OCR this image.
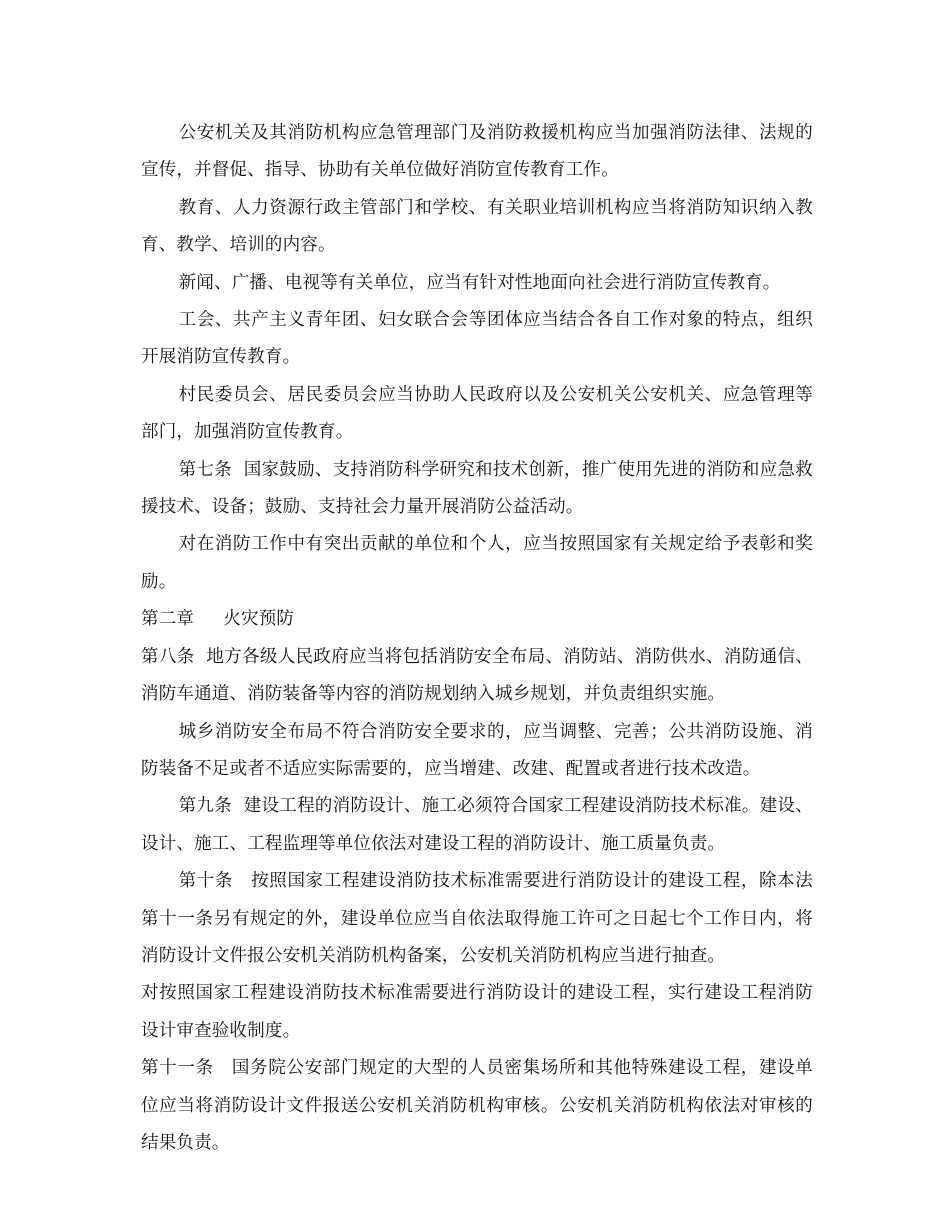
公安机关及其消防机构应急管理部门及消防救援机构应当加强消防法律、法规的宣传，并督促、指导、协助有关单位做好消防宣传教育工作。

教育、人力资源行政主管部门和学校、有关职业培训机构应当将消防知识纳入教育、教学、培训的内容。

新闻、广播、电视等有关单位，应当有针对性地面向社会进行消防宣传教育。

工会、共产主义青年团、妇女联合会等团体应当结合各自工作对象的特点，组织开展消防宣传教育。

村民委员会、居民委员会应当协助人民政府以及公安机关公安机关、应急管理等部门，加强消防宣传教育。

第七条  国家鼓励、支持消防科学研究和技术创新，推广使用先进的消防和应急救援技术、设备；鼓励、支持社会力量开展消防公益活动。

对在消防工作中有突出贡献的单位和个人，应当按照国家有关规定给予表彰和奖励。

第二章　  火灾预防

第八条  地方各级人民政府应当将包括消防安全布局、消防站、消防供水、消防通信、消防车通道、消防装备等内容的消防规划纳入城乡规划，并负责组织实施。

城乡消防安全布局不符合消防安全要求的，应当调整、完善；公共消防设施、消防装备不足或者不适应实际需要的，应当增建、改建、配置或者进行技术改造。

第九条  建设工程的消防设计、施工必须符合国家工程建设消防技术标准。建设、设计、施工、工程监理等单位依法对建设工程的消防设计、施工质量负责。

第十条　按照国家工程建设消防技术标准需要进行消防设计的建设工程，除本法第十一条另有规定的外，建设单位应当自依法取得施工许可之日起七个工作日内，将消防设计文件报公安机关消防机构备案，公安机关消防机构应当进行抽查。

对按照国家工程建设消防技术标准需要进行消防设计的建设工程，实行建设工程消防设计审查验收制度。

第十一条　国务院公安部门规定的大型的人员密集场所和其他特殊建设工程，建设单位应当将消防设计文件报送公安机关消防机构审核。公安机关消防机构依法对审核的结果负责。
